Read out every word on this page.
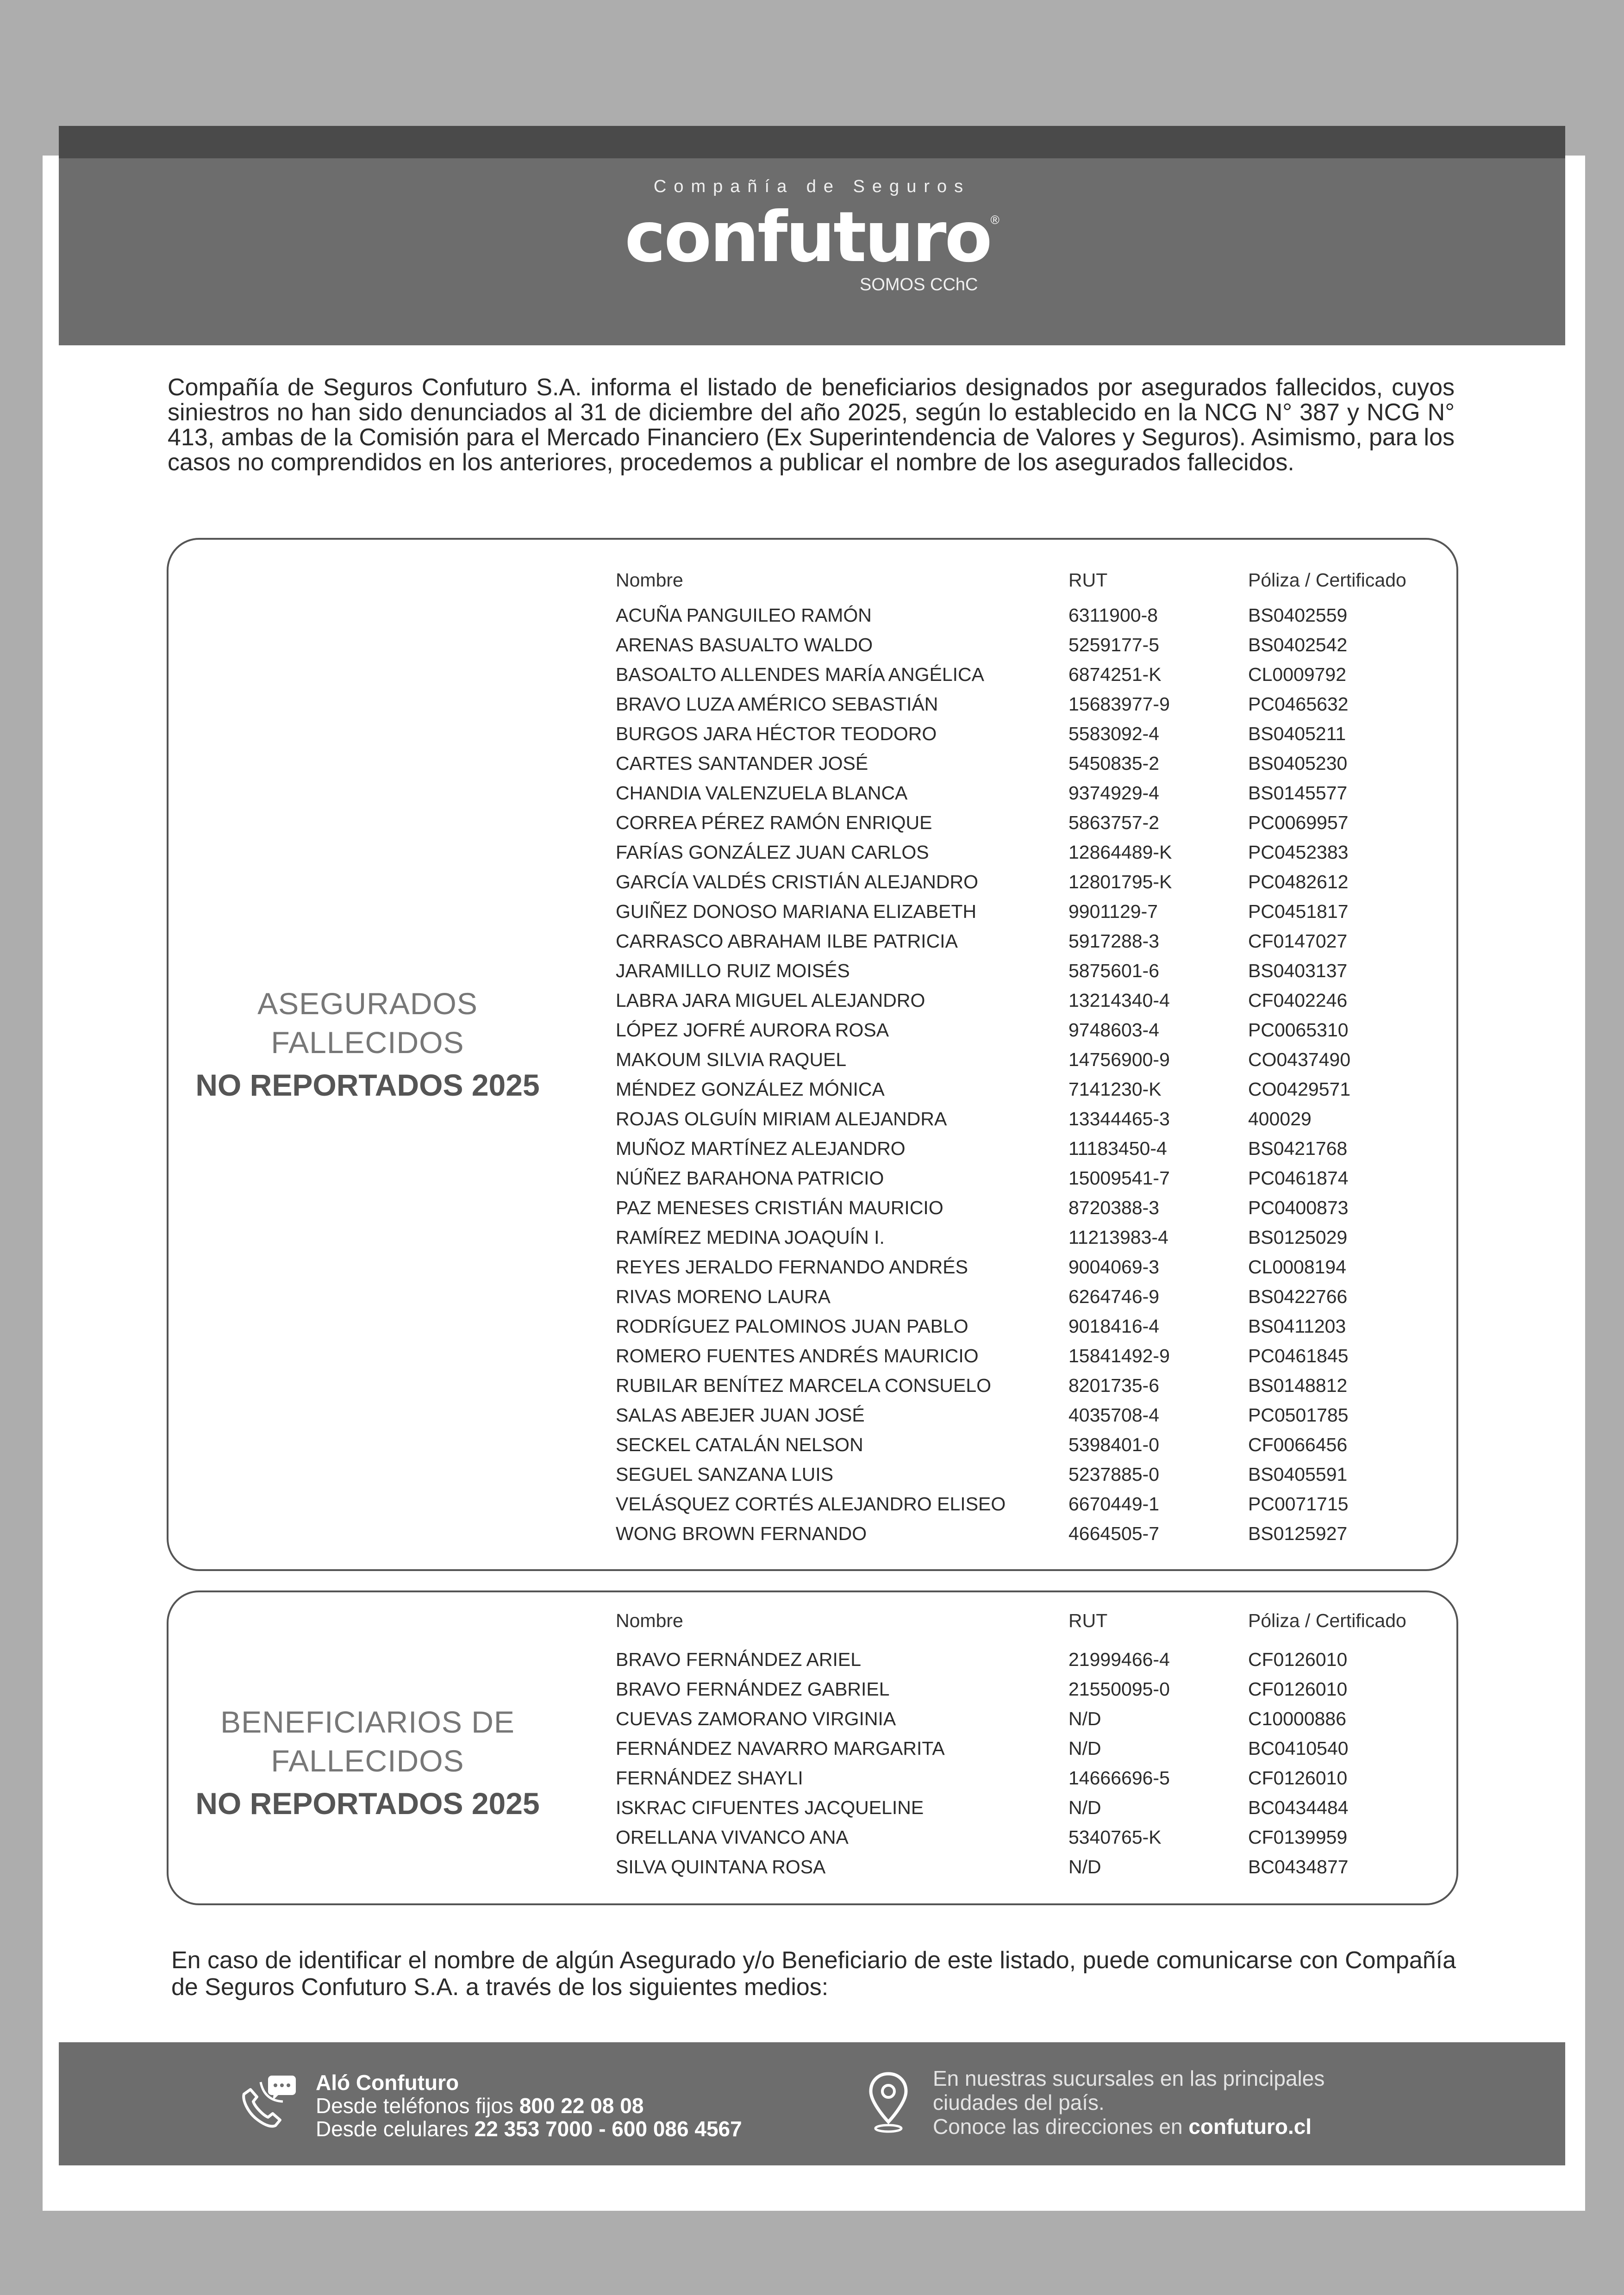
Compañía de Seguros
confuturo®
SOMOS CChC

Compañía de Seguros Confuturo S.A. informa el listado de beneficiarios designados por asegurados fallecidos, cuyos siniestros no han sido denunciados al 31 de diciembre del año 2025, según lo establecido en la NCG N° 387 y NCG N° 413, ambas de la Comisión para el Mercado Financiero (Ex Superintendencia de Valores y Seguros). Asimismo, para los casos no comprendidos en los anteriores, procedemos a publicar el nombre de los asegurados fallecidos.

ASEGURADOS
FALLECIDOS
NO REPORTADOS 2025
Nombre	RUT	Póliza / Certificado
ACUÑA PANGUILEO RAMÓN	6311900-8	BS0402559
ARENAS BASUALTO WALDO	5259177-5	BS0402542
BASOALTO ALLENDES MARÍA ANGÉLICA	6874251-K	CL0009792
BRAVO LUZA AMÉRICO SEBASTIÁN	15683977-9	PC0465632
BURGOS JARA HÉCTOR TEODORO	5583092-4	BS0405211
CARTES SANTANDER JOSÉ	5450835-2	BS0405230
CHANDIA VALENZUELA BLANCA	9374929-4	BS0145577
CORREA PÉREZ RAMÓN ENRIQUE	5863757-2	PC0069957
FARÍAS GONZÁLEZ JUAN CARLOS	12864489-K	PC0452383
GARCÍA VALDÉS CRISTIÁN ALEJANDRO	12801795-K	PC0482612
GUIÑEZ DONOSO MARIANA ELIZABETH	9901129-7	PC0451817
CARRASCO ABRAHAM ILBE PATRICIA	5917288-3	CF0147027
JARAMILLO RUIZ MOISÉS	5875601-6	BS0403137
LABRA JARA MIGUEL ALEJANDRO	13214340-4	CF0402246
LÓPEZ JOFRÉ AURORA ROSA	9748603-4	PC0065310
MAKOUM SILVIA RAQUEL	14756900-9	CO0437490
MÉNDEZ GONZÁLEZ MÓNICA	7141230-K	CO0429571
ROJAS OLGUÍN MIRIAM ALEJANDRA	13344465-3	400029
MUÑOZ MARTÍNEZ ALEJANDRO	11183450-4	BS0421768
NÚÑEZ BARAHONA PATRICIO	15009541-7	PC0461874
PAZ MENESES CRISTIÁN MAURICIO	8720388-3	PC0400873
RAMÍREZ MEDINA JOAQUÍN I.	11213983-4	BS0125029
REYES JERALDO FERNANDO ANDRÉS	9004069-3	CL0008194
RIVAS MORENO LAURA	6264746-9	BS0422766
RODRÍGUEZ PALOMINOS JUAN PABLO	9018416-4	BS0411203
ROMERO FUENTES ANDRÉS MAURICIO	15841492-9	PC0461845
RUBILAR BENÍTEZ MARCELA CONSUELO	8201735-6	BS0148812
SALAS ABEJER JUAN JOSÉ	4035708-4	PC0501785
SECKEL CATALÁN NELSON	5398401-0	CF0066456
SEGUEL SANZANA LUIS	5237885-0	BS0405591
VELÁSQUEZ CORTÉS ALEJANDRO ELISEO	6670449-1	PC0071715
WONG BROWN FERNANDO	4664505-7	BS0125927
BENEFICIARIOS DE
FALLECIDOS
NO REPORTADOS 2025
Nombre	RUT	Póliza / Certificado
BRAVO FERNÁNDEZ ARIEL	21999466-4	CF0126010
BRAVO FERNÁNDEZ GABRIEL	21550095-0	CF0126010
CUEVAS ZAMORANO VIRGINIA	N/D	C10000886
FERNÁNDEZ NAVARRO MARGARITA	N/D	BC0410540
FERNÁNDEZ SHAYLI	14666696-5	CF0126010
ISKRAC CIFUENTES JACQUELINE	N/D	BC0434484
ORELLANA VIVANCO ANA	5340765-K	CF0139959
SILVA QUINTANA ROSA	N/D	BC0434877

En caso de identificar el nombre de algún Asegurado y/o Beneficiario de este listado, puede comunicarse con Compañía de Seguros Confuturo S.A. a través de los siguientes medios:

Aló Confuturo
Desde teléfonos fijos 800 22 08 08
Desde celulares 22 353 7000 - 600 086 4567
En nuestras sucursales en las principales
ciudades del país.
Conoce las direcciones en confuturo.cl
